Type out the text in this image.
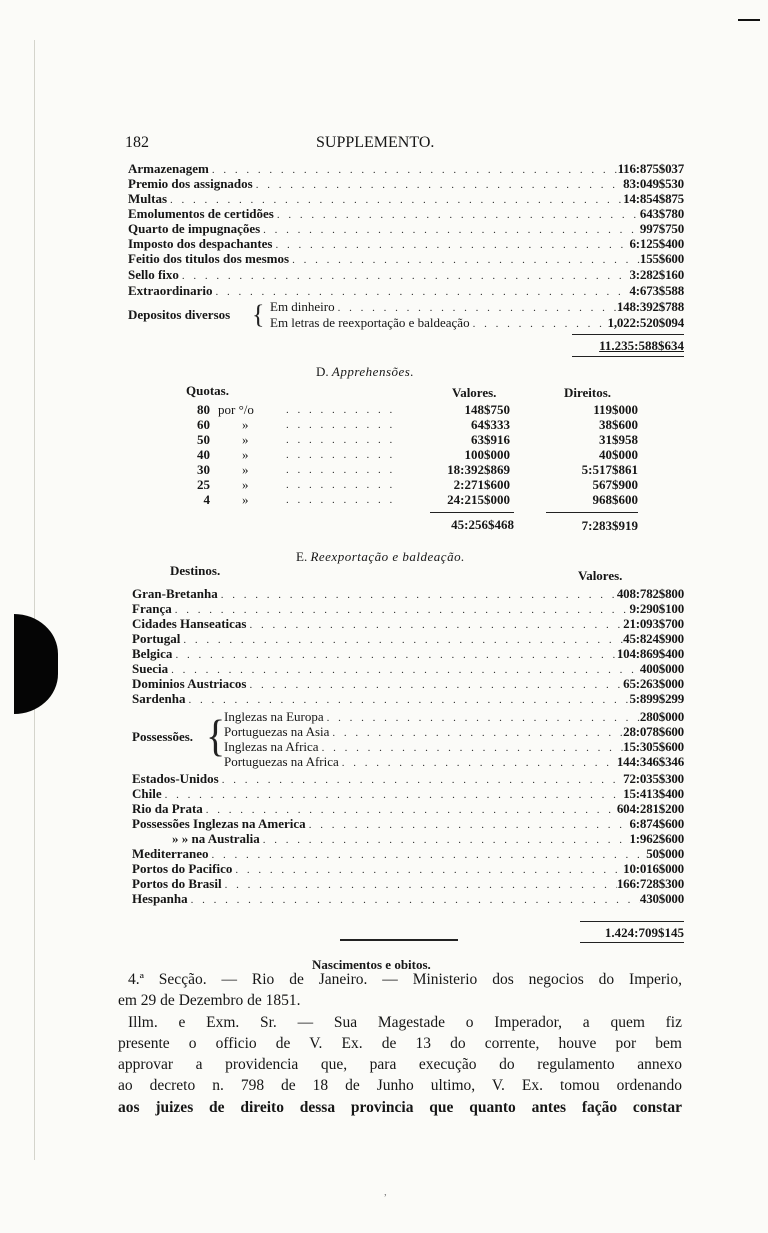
,
182	SUPPLEMENTO.
Armazenagem . . .	116:875$037
Premio dos assignados . . .	83:049$530
Multas . . .	14:854$875
Emolumentos de certidões . . .	643$780
Quarto de impugnações . . .	997$750
Imposto dos despachantes . . .	6:125$400
Feitio dos titulos dos mesmos . . .	155$600
Sello fixo . . .	3:282$160
Extraordinario . . .	4:673$588
Depositos diversos { Em dinheiro . . .	148:392$788
Em letras de reexportação e baldeação . . .	1,022:520$094
11.235:588$634
D. Apprehensões.
Quotas.	Valores.	Direitos.
80 por °/o	. . . . . . . . . .	148$750	119$000
60 »	. . . . . . . . . .	64$333	38$600
50 »	. . . . . . . . . .	63$916	31$958
40 »	. . . . . . . . . .	100$000	40$000
30 »	. . . . . . . . . .	18:392$869	5:517$861
25 »	. . . . . . . . . .	2:271$600	567$900
4 »	. . . . . . . . . .	24:215$000	968$600
45:256$468	7:283$919
E. Reexportação e baldeação.
Destinos.	Valores.
Gran-Bretanha . . .	408:782$800
França . . .	9:290$100
Cidades Hanseaticas . . .	21:093$700
Portugal . . .	45:824$900
Belgica . . .	104:869$400
Suecia . . .	400$000
Dominios Austriacos . . .	65:263$000
Sardenha . . .	5:899$299
Possessões. {
Inglezas na Europa . . .	280$000
Portuguezas na Asia . . .	28:078$600
Inglezas na Africa . . .	15:305$600
Portuguezas na Africa . . .	144:346$346
Estados-Unidos . . .	72:035$300
Chile . . .	15:413$400
Rio da Prata . . .	604:281$200
Possessões Inglezas na America . . .	6:874$600
» » na Australia . . .	1:962$600
Mediterraneo . . .	50$000
Portos do Pacifico . . .	10:016$000
Portos do Brasil . . .	166:728$300
Hespanha . . .	430$000
1.424:709$145
Nascimentos e obitos.
4.ª Secção. — Rio de Janeiro. — Ministerio dos negocios do Imperio,
em 29 de Dezembro de 1851.
Illm. e Exm. Sr. — Sua Magestade o Imperador, a quem fiz
presente o officio de V. Ex. de 13 do corrente, houve por bem
approvar a providencia que, para execução do regulamento annexo
ao decreto n. 798 de 18 de Junho ultimo, V. Ex. tomou ordenando
aos juizes de direito dessa provincia que quanto antes fação constar
